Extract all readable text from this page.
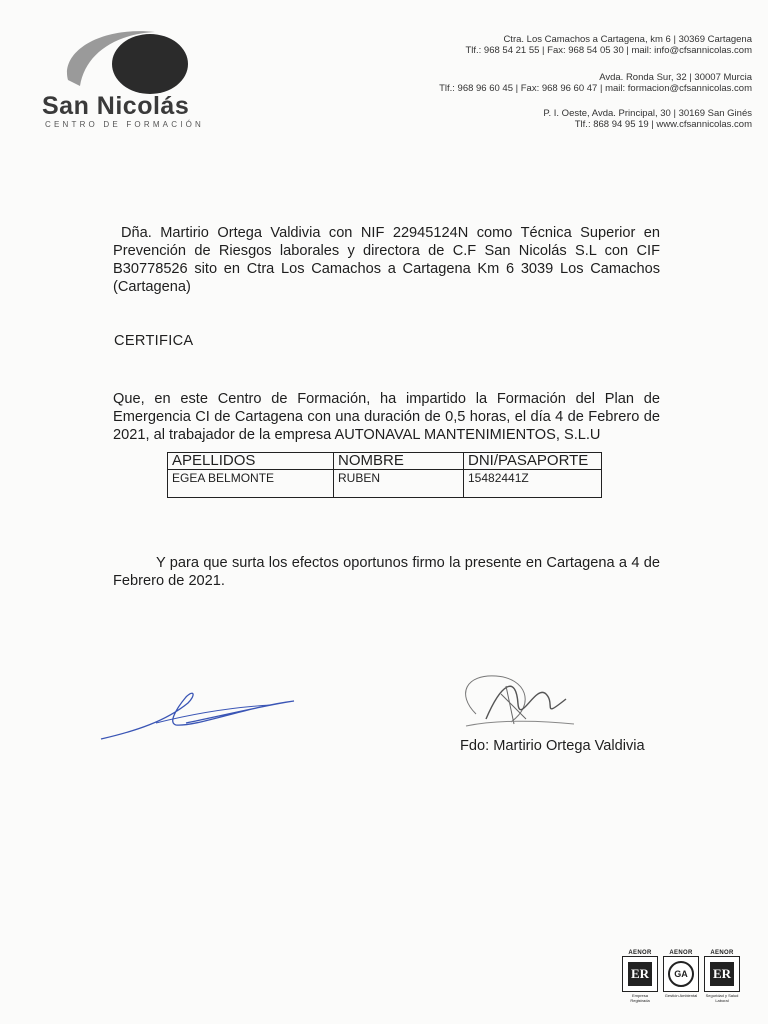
San Nicolás
CENTRO DE FORMACIÓN
Ctra. Los Camachos a Cartagena, km 6 | 30369 Cartagena
Tlf.: 968 54 21 55 | Fax: 968 54 05 30 | mail: info@cfsannicolas.com
Avda. Ronda Sur, 32 | 30007 Murcia
Tlf.: 968 96 60 45 | Fax: 968 96 60 47 | mail: formacion@cfsannicolas.com
P. I. Oeste, Avda. Principal, 30 | 30169 San Ginés
Tlf.: 868 94 95 19 | www.cfsannicolas.com
Dña. Martirio Ortega Valdivia con NIF 22945124N como Técnica Superior en Prevención de Riesgos laborales y directora de C.F San Nicolás S.L con CIF B30778526 sito en Ctra Los Camachos a Cartagena Km 6 3039 Los Camachos (Cartagena)
CERTIFICA
Que, en este Centro de Formación, ha impartido la Formación del Plan de Emergencia CI de Cartagena con una duración de 0,5 horas, el día 4 de Febrero de 2021, al trabajador de la empresa AUTONAVAL MANTENIMIENTOS, S.L.U
APELLIDOS	NOMBRE	DNI/PASAPORTE
EGEA BELMONTE	RUBEN	15482441Z
Y para que surta los efectos oportunos firmo la presente en Cartagena a 4 de Febrero de 2021.
Fdo: Martirio Ortega Valdivia
AENOR
ER
Empresa Registrada
AENOR
GA
Gestión Ambiental
AENOR
ER
Seguridad y Salud Laboral
